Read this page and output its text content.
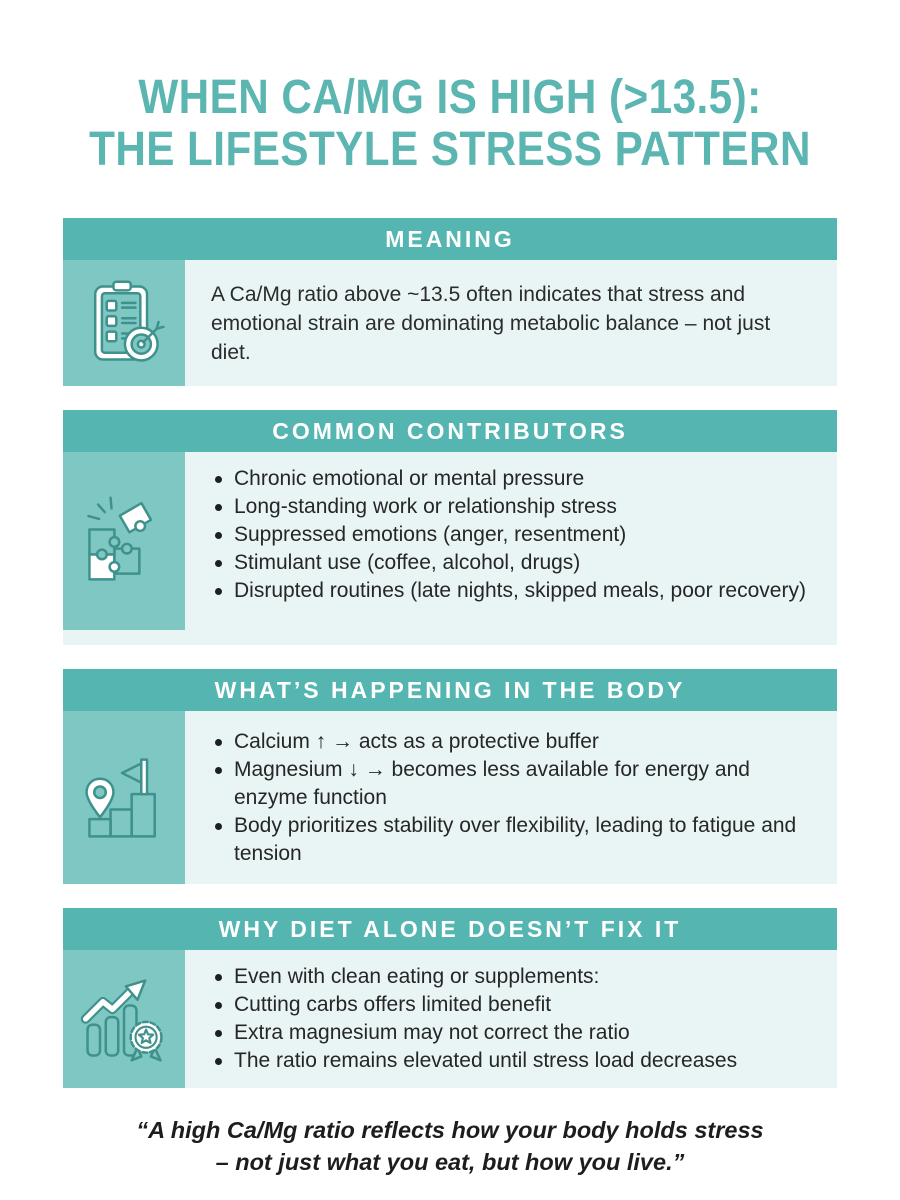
WHEN CA/MG IS HIGH (>13.5):
THE LIFESTYLE STRESS PATTERN
MEANING

A Ca/Mg ratio above ~13.5 often indicates that stress and emotional strain are dominating metabolic balance – not just diet.

COMMON CONTRIBUTORS
Chronic emotional or mental pressure
Long-standing work or relationship stress
Suppressed emotions (anger, resentment)
Stimulant use (coffee, alcohol, drugs)
Disrupted routines (late nights, skipped meals, poor recovery)
WHAT’S HAPPENING IN THE BODY
Calcium ↑ → acts as a protective buffer
Magnesium ↓ → becomes less available for energy and enzyme function
Body prioritizes stability over flexibility, leading to fatigue and tension
WHY DIET ALONE DOESN’T FIX IT
Even with clean eating or supplements:
Cutting carbs offers limited benefit
Extra magnesium may not correct the ratio
The ratio remains elevated until stress load decreases
“A high Ca/Mg ratio reflects how your body holds stress
– not just what you eat, but how you live.”
